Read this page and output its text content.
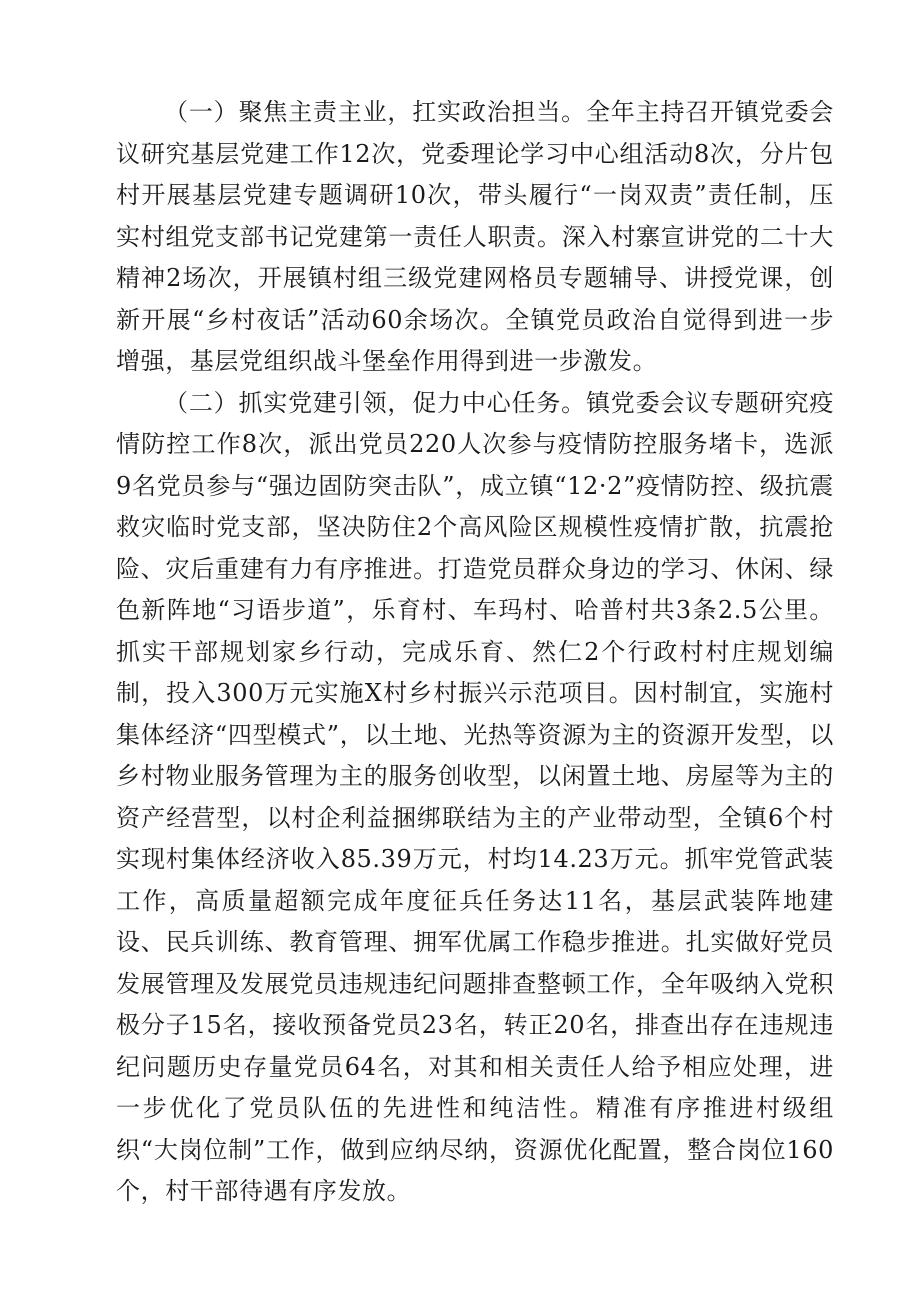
（一）聚焦主责主业，扛实政治担当。全年主持召开镇党委会议研究基层党建工作12次，党委理论学习中心组活动8次，分片包村开展基层党建专题调研10次，带头履行“一岗双责”责任制，压实村组党支部书记党建第一责任人职责。深入村寨宣讲党的二十大精神2场次，开展镇村组三级党建网格员专题辅导、讲授党课，创新开展“乡村夜话”活动60余场次。全镇党员政治自觉得到进一步增强，基层党组织战斗堡垒作用得到进一步激发。

（二）抓实党建引领，促力中心任务。镇党委会议专题研究疫情防控工作8次，派出党员220人次参与疫情防控服务堵卡，选派9名党员参与“强边固防突击队”，成立镇“12·2”疫情防控、级抗震救灾临时党支部，坚决防住2个高风险区规模性疫情扩散，抗震抢险、灾后重建有力有序推进。打造党员群众身边的学习、休闲、绿色新阵地“习语步道”，乐育村、车玛村、哈普村共3条2.5公里。抓实干部规划家乡行动，完成乐育、然仁2个行政村村庄规划编制，投入300万元实施X村乡村振兴示范项目。因村制宜，实施村集体经济“四型模式”，以土地、光热等资源为主的资源开发型，以乡村物业服务管理为主的服务创收型，以闲置土地、房屋等为主的资产经营型，以村企利益捆绑联结为主的产业带动型，全镇6个村实现村集体经济收入85.39万元，村均14.23万元。抓牢党管武装工作，高质量超额完成年度征兵任务达11名，基层武装阵地建设、民兵训练、教育管理、拥军优属工作稳步推进。扎实做好党员发展管理及发展党员违规违纪问题排查整顿工作，全年吸纳入党积极分子15名，接收预备党员23名，转正20名，排查出存在违规违纪问题历史存量党员64名，对其和相关责任人给予相应处理，进一步优化了党员队伍的先进性和纯洁性。精准有序推进村级组织“大岗位制”工作，做到应纳尽纳，资源优化配置，整合岗位160个，村干部待遇有序发放。
